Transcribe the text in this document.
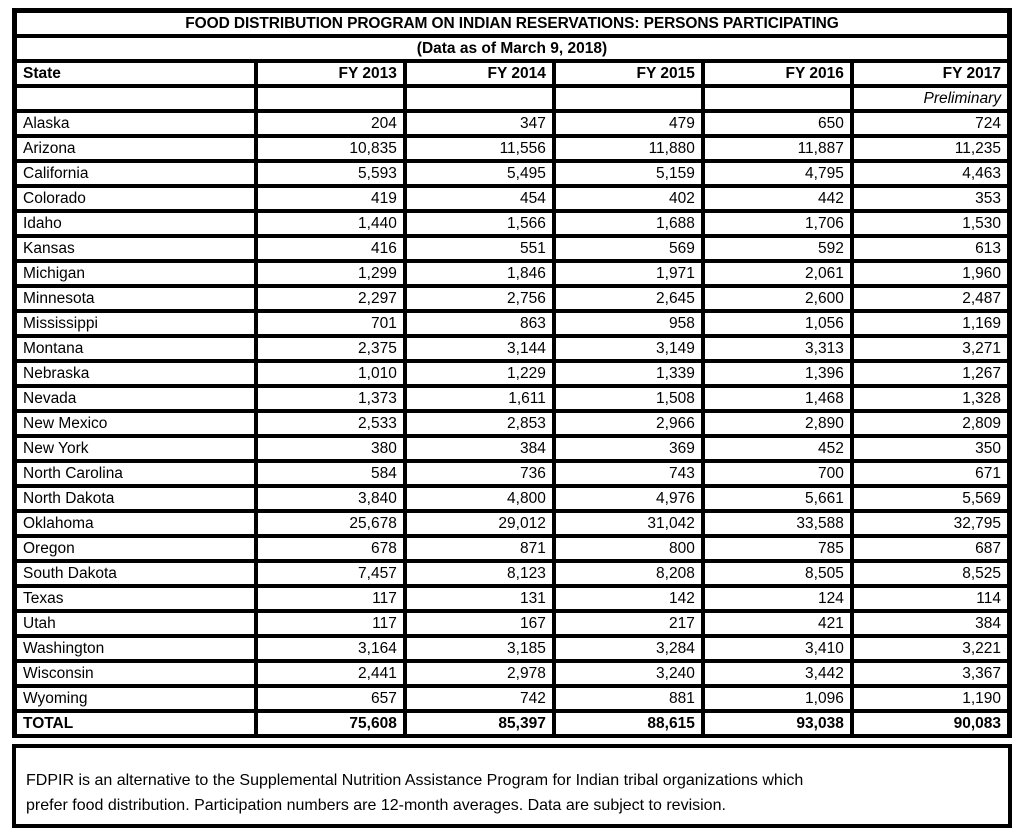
FOOD DISTRIBUTION PROGRAM ON INDIAN RESERVATIONS: PERSONS PARTICIPATING					
(Data as of March 9, 2018)					
State	FY 2013	FY 2014	FY 2015	FY 2016	FY 2017
					Preliminary
Alaska	204	347	479	650	724
Arizona	10,835	11,556	11,880	11,887	11,235
California	5,593	5,495	5,159	4,795	4,463
Colorado	419	454	402	442	353
Idaho	1,440	1,566	1,688	1,706	1,530
Kansas	416	551	569	592	613
Michigan	1,299	1,846	1,971	2,061	1,960
Minnesota	2,297	2,756	2,645	2,600	2,487
Mississippi	701	863	958	1,056	1,169
Montana	2,375	3,144	3,149	3,313	3,271
Nebraska	1,010	1,229	1,339	1,396	1,267
Nevada	1,373	1,611	1,508	1,468	1,328
New Mexico	2,533	2,853	2,966	2,890	2,809
New York	380	384	369	452	350
North Carolina	584	736	743	700	671
North Dakota	3,840	4,800	4,976	5,661	5,569
Oklahoma	25,678	29,012	31,042	33,588	32,795
Oregon	678	871	800	785	687
South Dakota	7,457	8,123	8,208	8,505	8,525
Texas	117	131	142	124	114
Utah	117	167	217	421	384
Washington	3,164	3,185	3,284	3,410	3,221
Wisconsin	2,441	2,978	3,240	3,442	3,367
Wyoming	657	742	881	1,096	1,190
TOTAL	75,608	85,397	88,615	93,038	90,083
FDPIR is an alternative to the Supplemental Nutrition Assistance Program for Indian tribal organizations which
prefer food distribution. Participation numbers are 12-month averages. Data are subject to revision.
